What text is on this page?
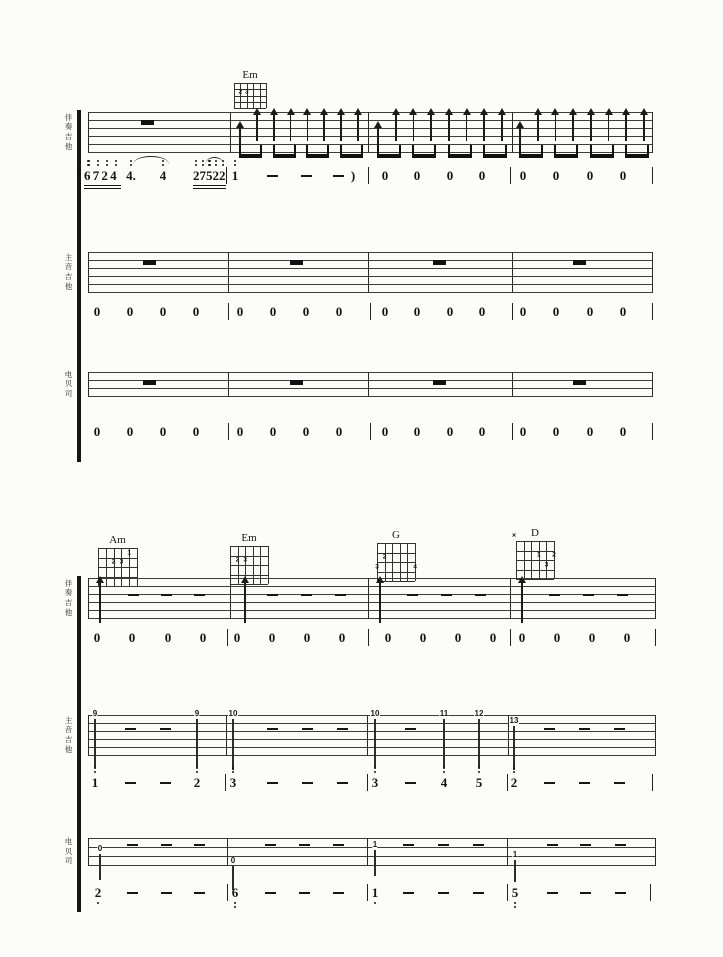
Em
2 3
伴
奏
吉
他
6724
♭	4. 4 27522 1	) 0 0 0 0	0 0 0 0
主
音
吉
他
0 0 0 0	0 0 0 0	0 0 0 0	0 0 0 0
电
贝
司
0 0 0 0	0 0 0 0	0 0 0 0	0 0 0 0
Am
1
2 3
Em
2 3
G
2
3	4
D
1 2
3
×
伴
奏
吉
他
0 0 0 0 0 0 0 0	0 0 0 0 0 0 0 0
主
音
吉
他
9	9	10	10	11	12
13
1	2 3	3	4 5 2
电
贝
司
0
0
1
1
2	6	1	5
